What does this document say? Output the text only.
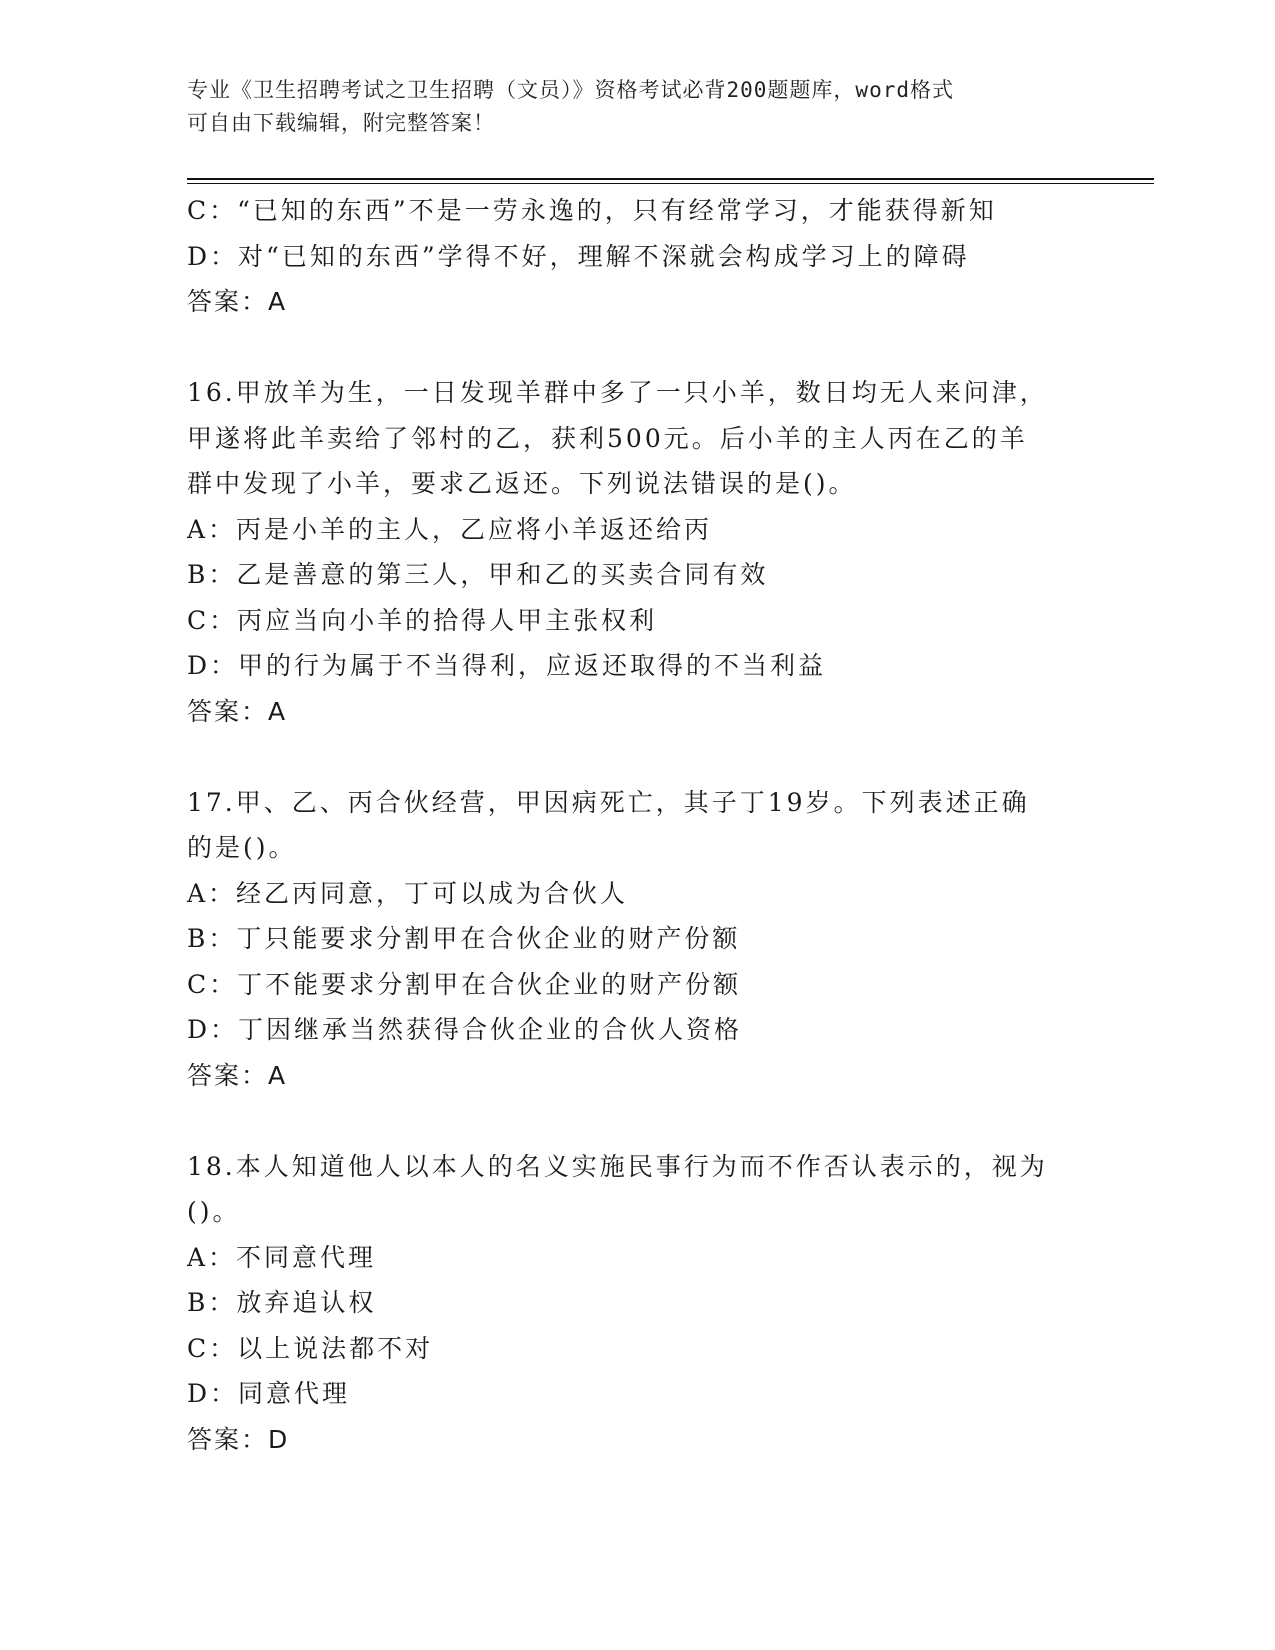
专业《卫生招聘考试之卫生招聘（文员）》资格考试必背200题题库，word格式
可自由下载编辑，附完整答案！
C：“已知的东西”不是一劳永逸的，只有经常学习，才能获得新知
D：对“已知的东西”学得不好，理解不深就会构成学习上的障碍
答案：A
16.甲放羊为生，一日发现羊群中多了一只小羊，数日均无人来问津，
甲遂将此羊卖给了邻村的乙，获利500元。后小羊的主人丙在乙的羊
群中发现了小羊，要求乙返还。下列说法错误的是()。
A：丙是小羊的主人，乙应将小羊返还给丙
B：乙是善意的第三人，甲和乙的买卖合同有效
C：丙应当向小羊的拾得人甲主张权利
D：甲的行为属于不当得利，应返还取得的不当利益
答案：A
17.甲、乙、丙合伙经营，甲因病死亡，其子丁19岁。下列表述正确
的是()。
A：经乙丙同意，丁可以成为合伙人
B：丁只能要求分割甲在合伙企业的财产份额
C：丁不能要求分割甲在合伙企业的财产份额
D：丁因继承当然获得合伙企业的合伙人资格
答案：A
18.本人知道他人以本人的名义实施民事行为而不作否认表示的，视为
()。
A：不同意代理
B：放弃追认权
C：以上说法都不对
D：同意代理
答案：D
